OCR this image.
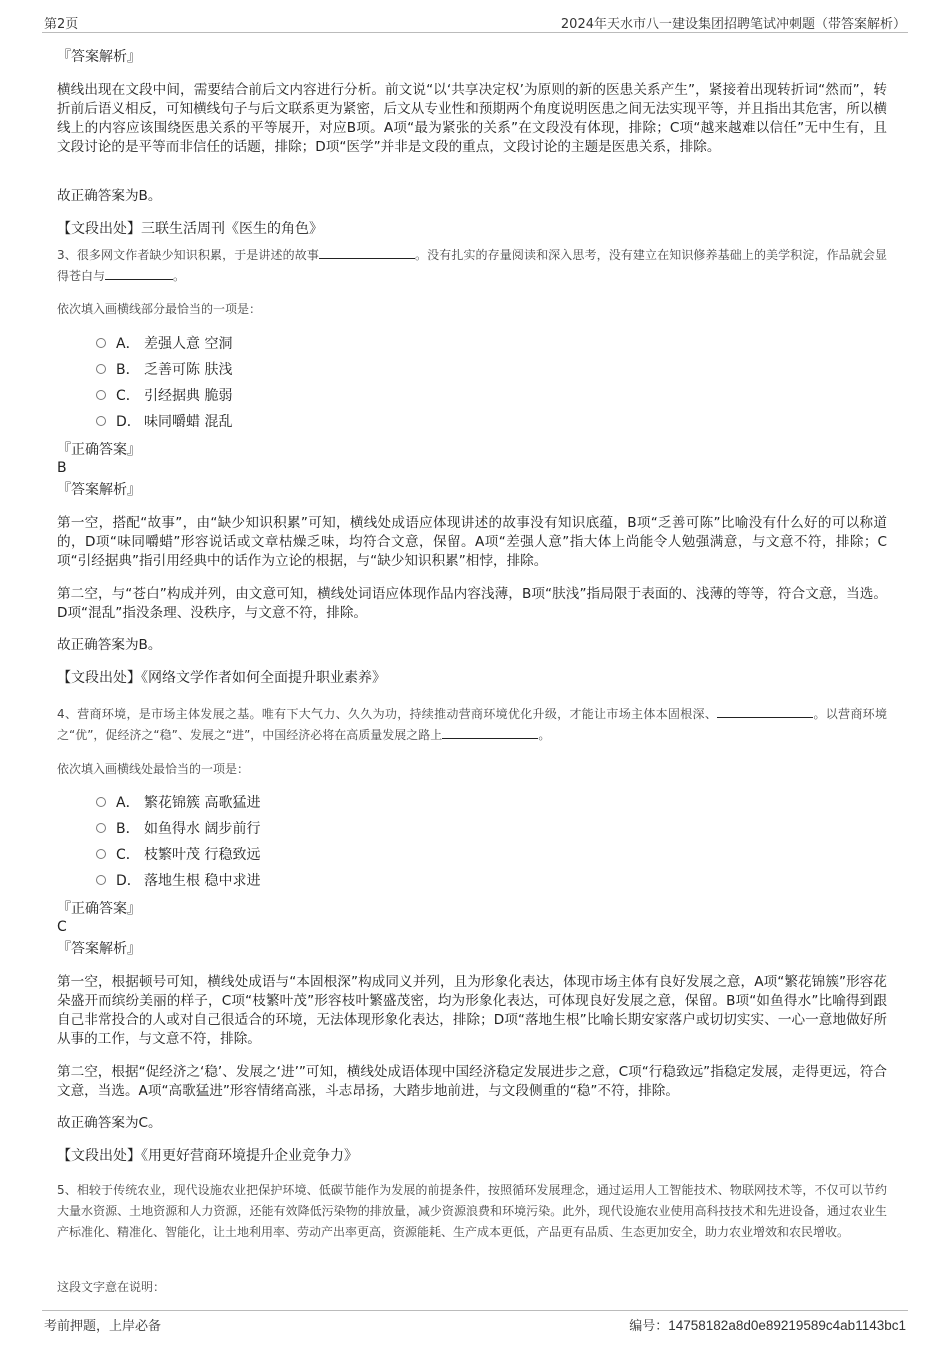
第2页	2024年天水市八一建设集团招聘笔试冲刺题（带答案解析）
『答案解析』
横线出现在文段中间，需要结合前后文内容进行分析。前文说“以‘共享决定权’为原则的新的医患关系产生”，紧接着出现转折词“然而”，转折前后语义相反，可知横线句子与后文联系更为紧密，后文从专业性和预期两个角度说明医患之间无法实现平等，并且指出其危害，所以横线上的内容应该围绕医患关系的平等展开，对应B项。A项“最为紧张的关系”在文段没有体现，排除；C项“越来越难以信任”无中生有，且文段讨论的是平等而非信任的话题，排除；D项“医学”并非是文段的重点，文段讨论的主题是医患关系，排除。
故正确答案为B。
【文段出处】三联生活周刊《医生的角色》
3、很多网文作者缺少知识积累，于是讲述的故事	。没有扎实的存量阅读和深入思考，没有建立在知识修养基础上的美学积淀，作品就会显得苍白与	。
依次填入画横线部分最恰当的一项是：
A． 差强人意 空洞
B． 乏善可陈 肤浅
C． 引经据典 脆弱
D． 味同嚼蜡 混乱
『正确答案』
B
『答案解析』
第一空，搭配“故事”，由“缺少知识积累”可知，横线处成语应体现讲述的故事没有知识底蕴，B项“乏善可陈”比喻没有什么好的可以称道的，D项“味同嚼蜡”形容说话或文章枯燥乏味，均符合文意，保留。A项“差强人意”指大体上尚能令人勉强满意，与文意不符，排除；C项“引经据典”指引用经典中的话作为立论的根据，与“缺少知识积累”相悖，排除。
第二空，与“苍白”构成并列，由文意可知，横线处词语应体现作品内容浅薄，B项“肤浅”指局限于表面的、浅薄的等等，符合文意，当选。D项“混乱”指没条理、没秩序，与文意不符，排除。
故正确答案为B。
【文段出处】《网络文学作者如何全面提升职业素养》
4、营商环境，是市场主体发展之基。唯有下大气力、久久为功，持续推动营商环境优化升级，才能让市场主体本固根深、	。以营商环境之“优”，促经济之“稳”、发展之“进”，中国经济必将在高质量发展之路上	。
依次填入画横线处最恰当的一项是：
A． 繁花锦簇 高歌猛进
B． 如鱼得水 阔步前行
C． 枝繁叶茂 行稳致远
D． 落地生根 稳中求进
『正确答案』
C
『答案解析』
第一空，根据顿号可知，横线处成语与“本固根深”构成同义并列，且为形象化表达，体现市场主体有良好发展之意，A项“繁花锦簇”形容花朵盛开而缤纷美丽的样子，C项“枝繁叶茂”形容枝叶繁盛茂密，均为形象化表达，可体现良好发展之意，保留。B项“如鱼得水”比喻得到跟自己非常投合的人或对自己很适合的环境，无法体现形象化表达，排除；D项“落地生根”比喻长期安家落户或切切实实、一心一意地做好所从事的工作，与文意不符，排除。
第二空，根据“促经济之‘稳’、发展之‘进’”可知，横线处成语体现中国经济稳定发展进步之意，C项“行稳致远”指稳定发展，走得更远，符合文意，当选。A项“高歌猛进”形容情绪高涨，斗志昂扬，大踏步地前进，与文段侧重的“稳”不符，排除。
故正确答案为C。
【文段出处】《用更好营商环境提升企业竞争力》
5、相较于传统农业，现代设施农业把保护环境、低碳节能作为发展的前提条件，按照循环发展理念，通过运用人工智能技术、物联网技术等，不仅可以节约大量水资源、土地资源和人力资源，还能有效降低污染物的排放量，减少资源浪费和环境污染。此外，现代设施农业使用高科技技术和先进设备，通过农业生产标准化、精准化、智能化，让土地利用率、劳动产出率更高，资源能耗、生产成本更低，产品更有品质、生态更加安全，助力农业增效和农民增收。
这段文字意在说明：
考前押题，上岸必备	编号：14758182a8d0e89219589c4ab1143bc1
